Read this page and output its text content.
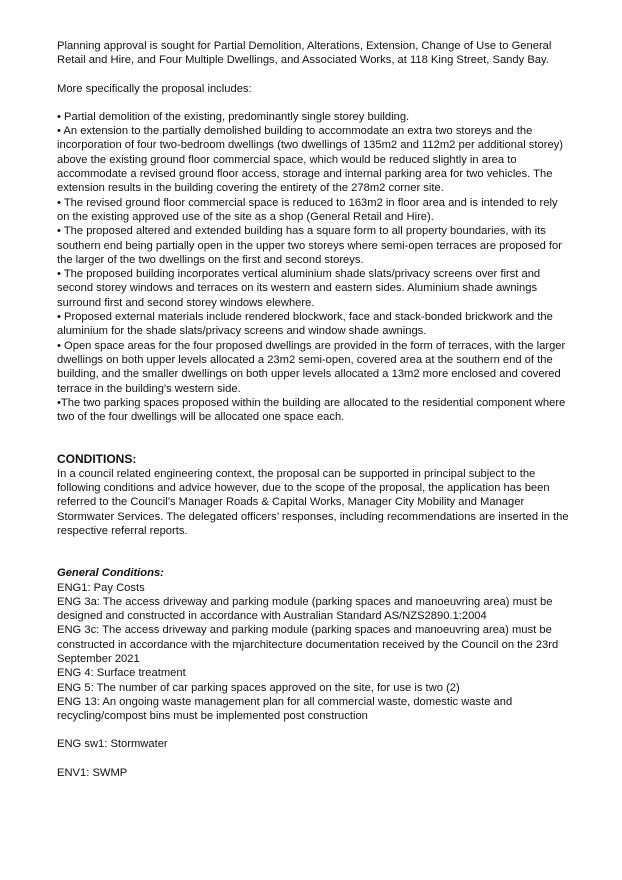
Planning approval is sought for Partial Demolition, Alterations, Extension, Change of Use to General Retail and Hire, and Four Multiple Dwellings, and Associated Works, at 118 King Street, Sandy Bay.

More specifically the proposal includes:

• Partial demolition of the existing, predominantly single storey building.

• An extension to the partially demolished building to accommodate an extra two storeys and the incorporation of four two-bedroom dwellings (two dwellings of 135m2 and 112m2 per additional storey) above the existing ground floor commercial space, which would be reduced slightly in area to accommodate a revised ground floor access, storage and internal parking area for two vehicles. The extension results in the building covering the entirety of the 278m2 corner site.

• The revised ground floor commercial space is reduced to 163m2 in floor area and is intended to rely on the existing approved use of the site as a shop (General Retail and Hire).

• The proposed altered and extended building has a square form to all property boundaries, with its southern end being partially open in the upper two storeys where semi-open terraces are proposed for the larger of the two dwellings on the first and second storeys.

• The proposed building incorporates vertical aluminium shade slats/privacy screens over first and second storey windows and terraces on its western and eastern sides. Aluminium shade awnings surround first and second storey windows elewhere.

• Proposed external materials include rendered blockwork, face and stack-bonded brickwork and the aluminium for the shade slats/privacy screens and window shade awnings.

• Open space areas for the four proposed dwellings are provided in the form of terraces, with the larger dwellings on both upper levels allocated a 23m2 semi-open, covered area at the southern end of the building, and the smaller dwellings on both upper levels allocated a 13m2 more enclosed and covered terrace in the building's western side.

•The two parking spaces proposed within the building are allocated to the residential component where two of the four dwellings will be allocated one space each.

CONDITIONS:

In a council related engineering context, the proposal can be supported in principal subject to the following conditions and advice however, due to the scope of the proposal, the application has been referred to the Council’s Manager Roads & Capital Works, Manager City Mobility and Manager Stormwater Services. The delegated officers’ responses, including recommendations are inserted in the respective referral reports.

General Conditions:

ENG1: Pay Costs

ENG 3a: The access driveway and parking module (parking spaces and manoeuvring area) must be designed and constructed in accordance with Australian Standard AS/NZS2890.1:2004

ENG 3c: The access driveway and parking module (parking spaces and manoeuvring area) must be constructed in accordance with the mjarchitecture documentation received by the Council on the 23rd September 2021

ENG 4: Surface treatment

ENG 5: The number of car parking spaces approved on the site, for use is two (2)

ENG 13: An ongoing waste management plan for all commercial waste, domestic waste and recycling/compost bins must be implemented post construction

ENG sw1: Stormwater

ENV1: SWMP
